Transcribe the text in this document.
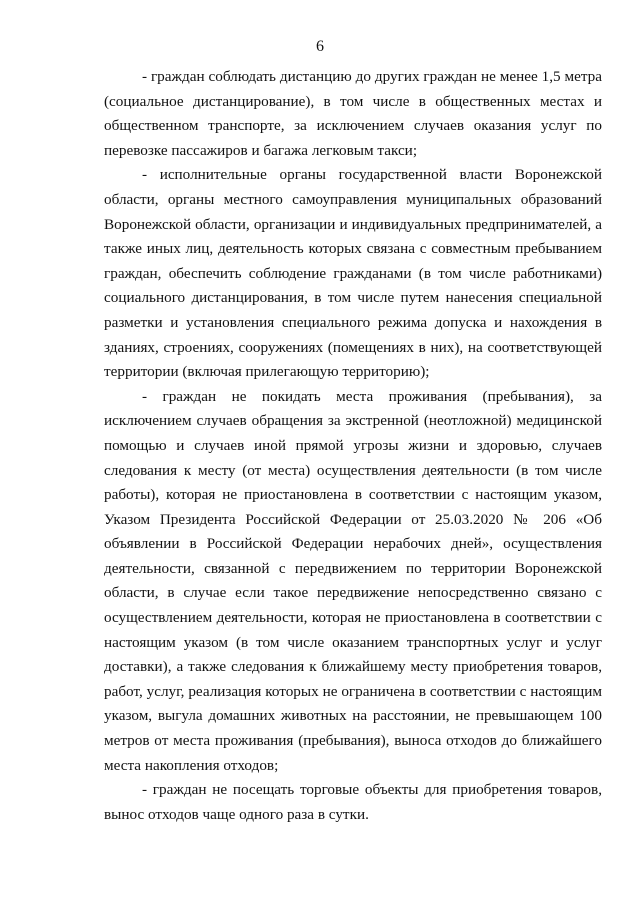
6

- граждан соблюдать дистанцию до других граждан не менее 1,5 метра (социальное дистанцирование), в том числе в общественных местах и общественном транспорте, за исключением случаев оказания услуг по перевозке пассажиров и багажа легковым такси;

- исполнительные органы государственной власти Воронежской области, органы местного самоуправления муниципальных образований Воронежской области, организации и индивидуальных предпринимателей, а также иных лиц, деятельность которых связана с совместным пребыванием граждан, обеспечить соблюдение гражданами (в том числе работниками) социального дистанцирования, в том числе путем нанесения специальной разметки и установления специального режима допуска и нахождения в зданиях, строениях, сооружениях (помещениях в них), на соответствующей территории (включая прилегающую территорию);

- граждан не покидать места проживания (пребывания), за исключением случаев обращения за экстренной (неотложной) медицинской помощью и случаев иной прямой угрозы жизни и здоровью, случаев следования к месту (от места) осуществления деятельности (в том числе работы), которая не приостановлена в соответствии с настоящим указом, Указом Президента Российской Федерации от 25.03.2020 № 206 «Об объявлении в Российской Федерации нерабочих дней», осуществления деятельности, связанной с передвижением по территории Воронежской области, в случае если такое передвижение непосредственно связано с осуществлением деятельности, которая не приостановлена в соответствии с настоящим указом (в том числе оказанием транспортных услуг и услуг доставки), а также следования к ближайшему месту приобретения товаров, работ, услуг, реализация которых не ограничена в соответствии с настоящим указом, выгула домашних животных на расстоянии, не превышающем 100 метров от места проживания (пребывания), выноса отходов до ближайшего места накопления отходов;

- граждан не посещать торговые объекты для приобретения товаров, вынос отходов чаще одного раза в сутки.
